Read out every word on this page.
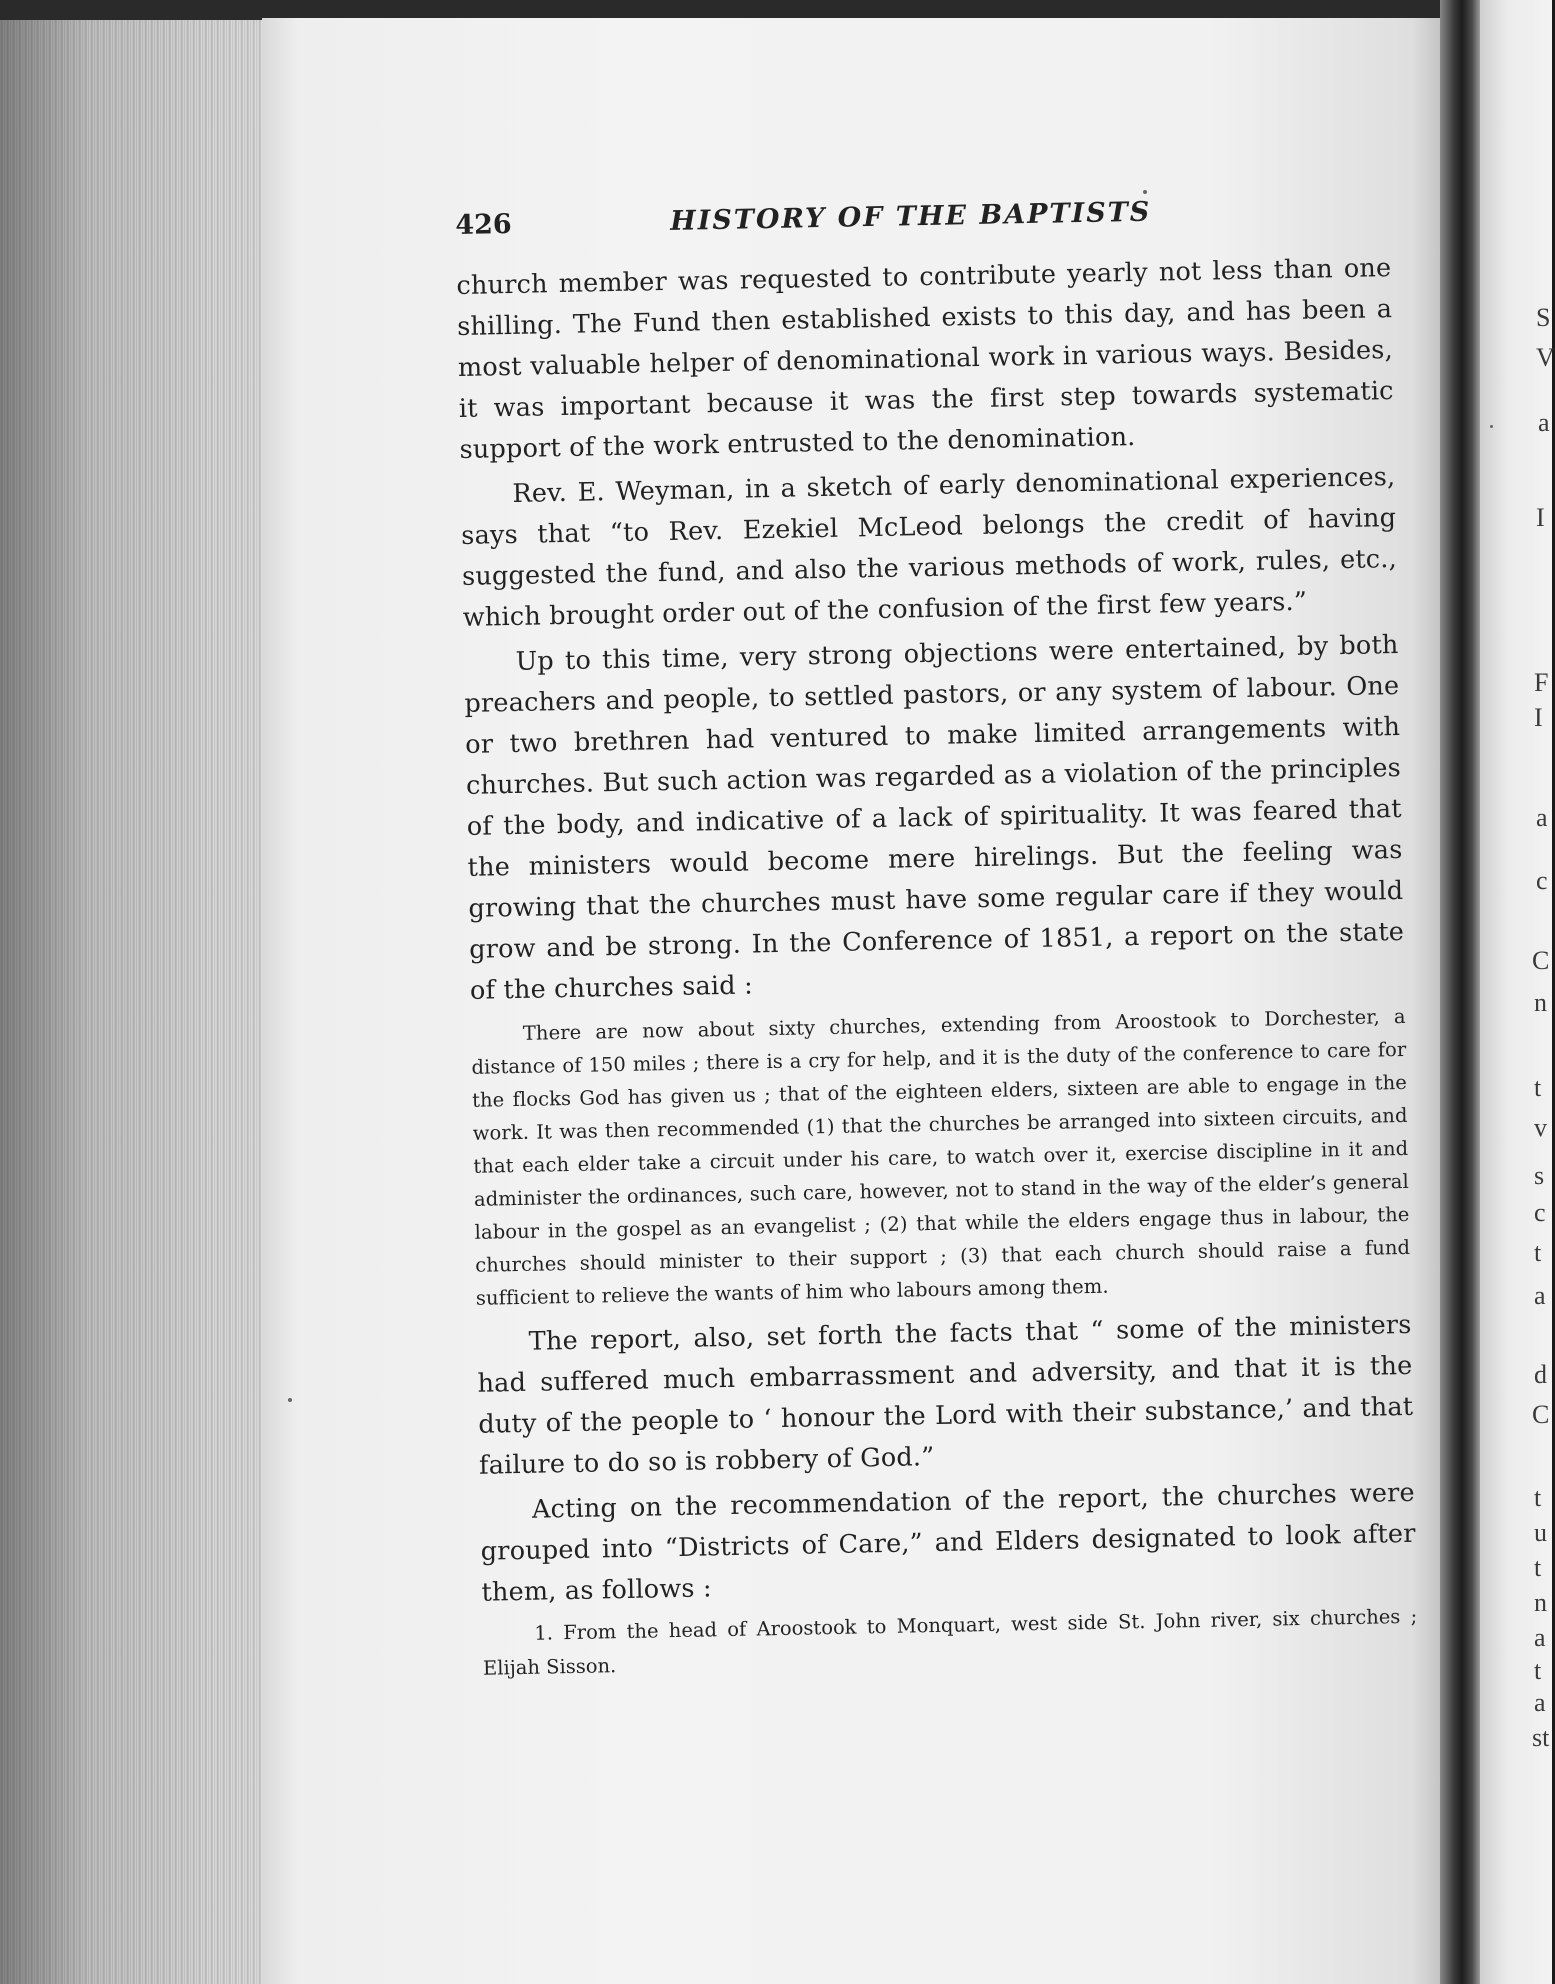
426	HISTORY OF THE BAPTISTS

church member was requested to contribute yearly not less than one shilling. The Fund then established exists to this day, and has been a most valuable helper of denominational work in various ways. Besides, it was important because it was the first step towards systematic support of the work entrusted to the denomination.

Rev. E. Weyman, in a sketch of early denominational experiences, says that “to Rev. Ezekiel McLeod belongs the credit of having suggested the fund, and also the various methods of work, rules, etc., which brought order out of the confusion of the first few years.”

Up to this time, very strong objections were entertained, by both preachers and people, to settled pastors, or any system of labour. One or two brethren had ventured to make limited arrangements with churches. But such action was regarded as a violation of the principles of the body, and indicative of a lack of spirituality. It was feared that the ministers would become mere hirelings. But the feeling was growing that the churches must have some regular care if they would grow and be strong. In the Conference of 1851, a report on the state of the churches said :

There are now about sixty churches, extending from Aroostook to Dorchester, a distance of 150 miles ; there is a cry for help, and it is the duty of the conference to care for the flocks God has given us ; that of the eighteen elders, sixteen are able to engage in the work. It was then recommended (1) that the churches be arranged into sixteen circuits, and that each elder take a circuit under his care, to watch over it, exercise discipline in it and administer the ordinances, such care, however, not to stand in the way of the elder’s general labour in the gospel as an evangelist ; (2) that while the elders engage thus in labour, the churches should minister to their support ; (3) that each church should raise a fund sufficient to relieve the wants of him who labours among them.

The report, also, set forth the facts that “ some of the ministers had suffered much embarrassment and adversity, and that it is the duty of the people to ‘ honour the Lord with their substance,’ and that failure to do so is robbery of God.”

Acting on the recommendation of the report, the churches were grouped into “Districts of Care,” and Elders designated to look after them, as follows :

1. From the head of Aroostook to Monquart, west side St. John river, six churches ; Elijah Sisson.

S
V
a
I
F
I
a
c
C
n
t
v
s
c
t
a
d
C
t
u
t
n
a
t
a
st
